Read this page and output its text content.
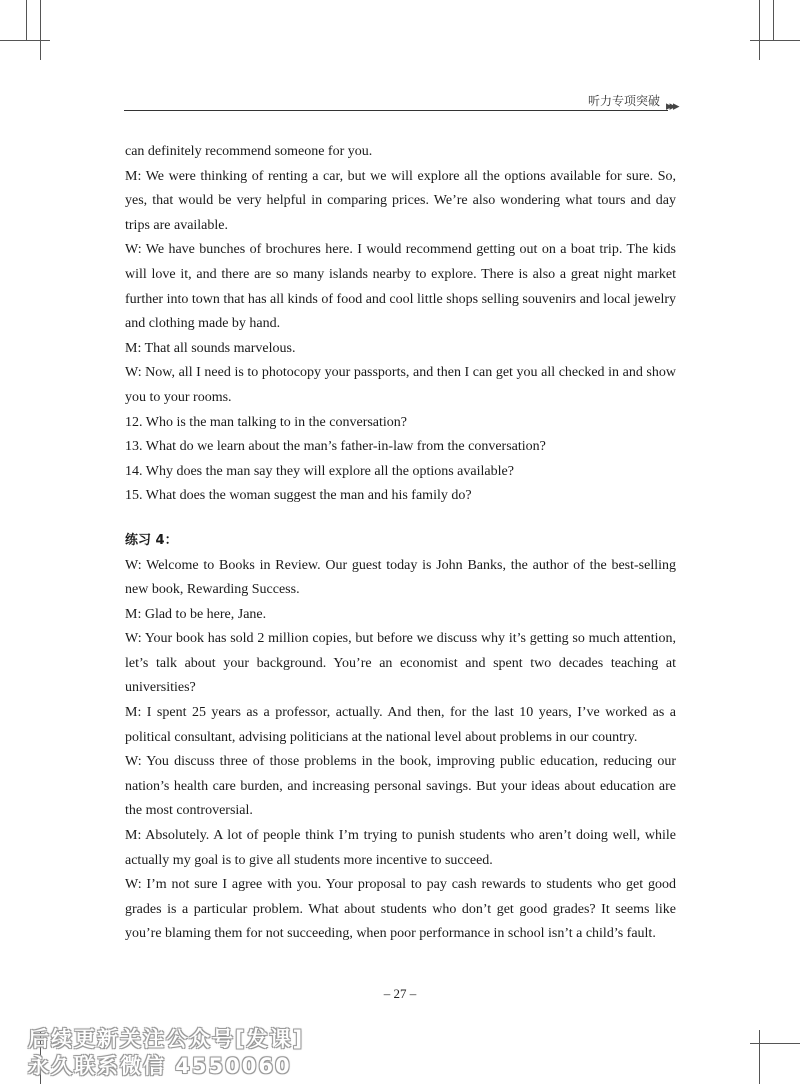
听力专项突破 ▸▸▸

can definitely recommend someone for you.

M: We were thinking of renting a car, but we will explore all the options available for sure. So, yes, that would be very helpful in comparing prices. We’re also wondering what tours and day trips are available.

W: We have bunches of brochures here. I would recommend getting out on a boat trip. The kids will love it, and there are so many islands nearby to explore. There is also a great night market further into town that has all kinds of food and cool little shops selling souvenirs and local jewelry and clothing made by hand.

M: That all sounds marvelous.

W: Now, all I need is to photocopy your passports, and then I can get you all checked in and show you to your rooms.

12. Who is the man talking to in the conversation?

13. What do we learn about the man’s father-in-law from the conversation?

14. Why does the man say they will explore all the options available?

15. What does the woman suggest the man and his family do?

练习 4：

W: Welcome to Books in Review. Our guest today is John Banks, the author of the best-selling new book, Rewarding Success.

M: Glad to be here, Jane.

W: Your book has sold 2 million copies, but before we discuss why it’s getting so much attention, let’s talk about your background. You’re an economist and spent two decades teaching at universities?

M: I spent 25 years as a professor, actually. And then, for the last 10 years, I’ve worked as a political consultant, advising politicians at the national level about problems in our country.

W: You discuss three of those problems in the book, improving public education, reducing our nation’s health care burden, and increasing personal savings. But your ideas about education are the most controversial.

M: Absolutely. A lot of people think I’m trying to punish students who aren’t doing well, while actually my goal is to give all students more incentive to succeed.

W: I’m not sure I agree with you. Your proposal to pay cash rewards to students who get good grades is a particular problem. What about students who don’t get good grades? It seems like you’re blaming them for not succeeding, when poor performance in school isn’t a child’s fault.

– 27 –
后续更新关注公众号[发课]
永久联系微信 4550060
